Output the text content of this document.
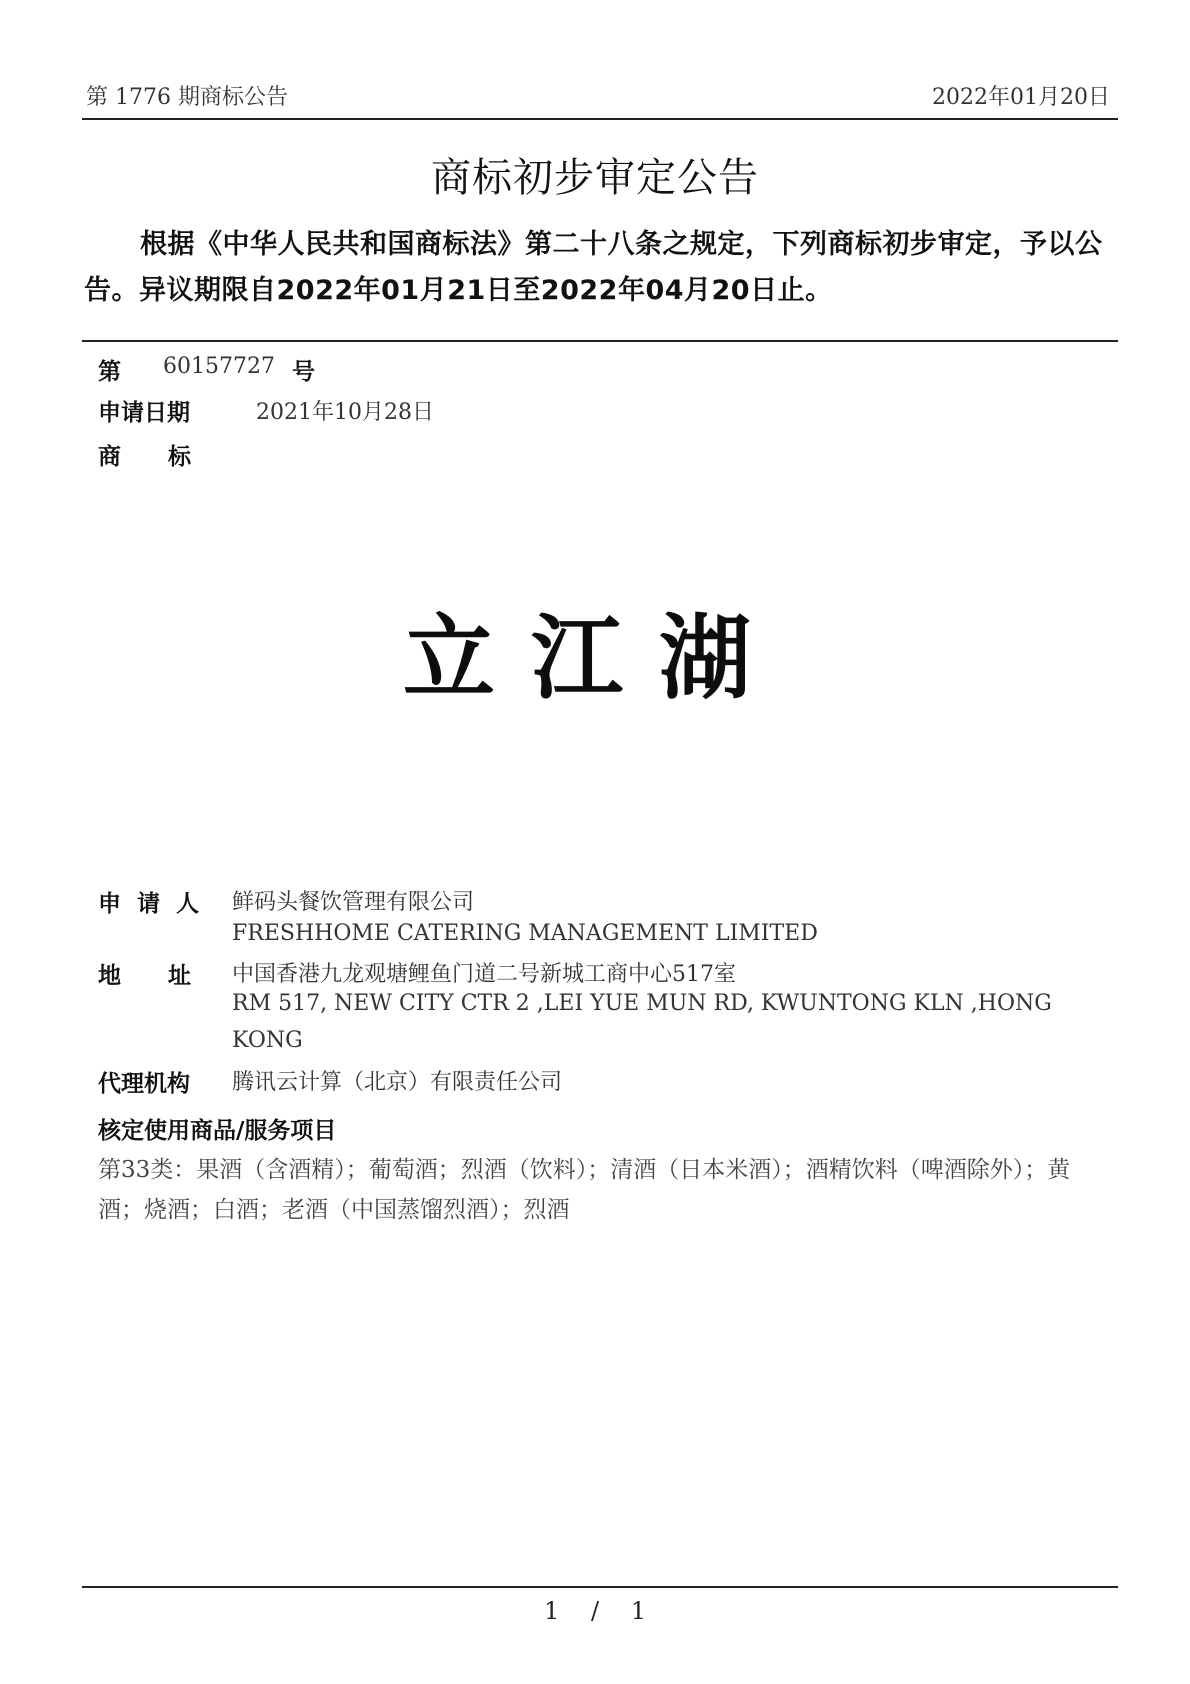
第 1776 期商标公告	2022年01月20日
商标初步审定公告
根据《中华人民共和国商标法》第二十八条之规定，下列商标初步审定，予以公告。异议期限自2022年01月21日至2022年04月20日止。
第 60157727 号
申请日期	2021年10月28日
商　标
立江湖
申 请 人 鲜码头餐饮管理有限公司
FRESHHOME CATERING MANAGEMENT LIMITED
地　址 中国香港九龙观塘鲤鱼门道二号新城工商中心517室
RM 517, NEW CITY CTR 2 ,LEI YUE MUN RD, KWUNTONG KLN ,HONG KONG
代理机构 腾讯云计算（北京）有限责任公司
核定使用商品/服务项目
第33类：果酒（含酒精）；葡萄酒；烈酒（饮料）；清酒（日本米酒）；酒精饮料（啤酒除外）；黄酒；烧酒；白酒；老酒（中国蒸馏烈酒）；烈酒
1 / 1
